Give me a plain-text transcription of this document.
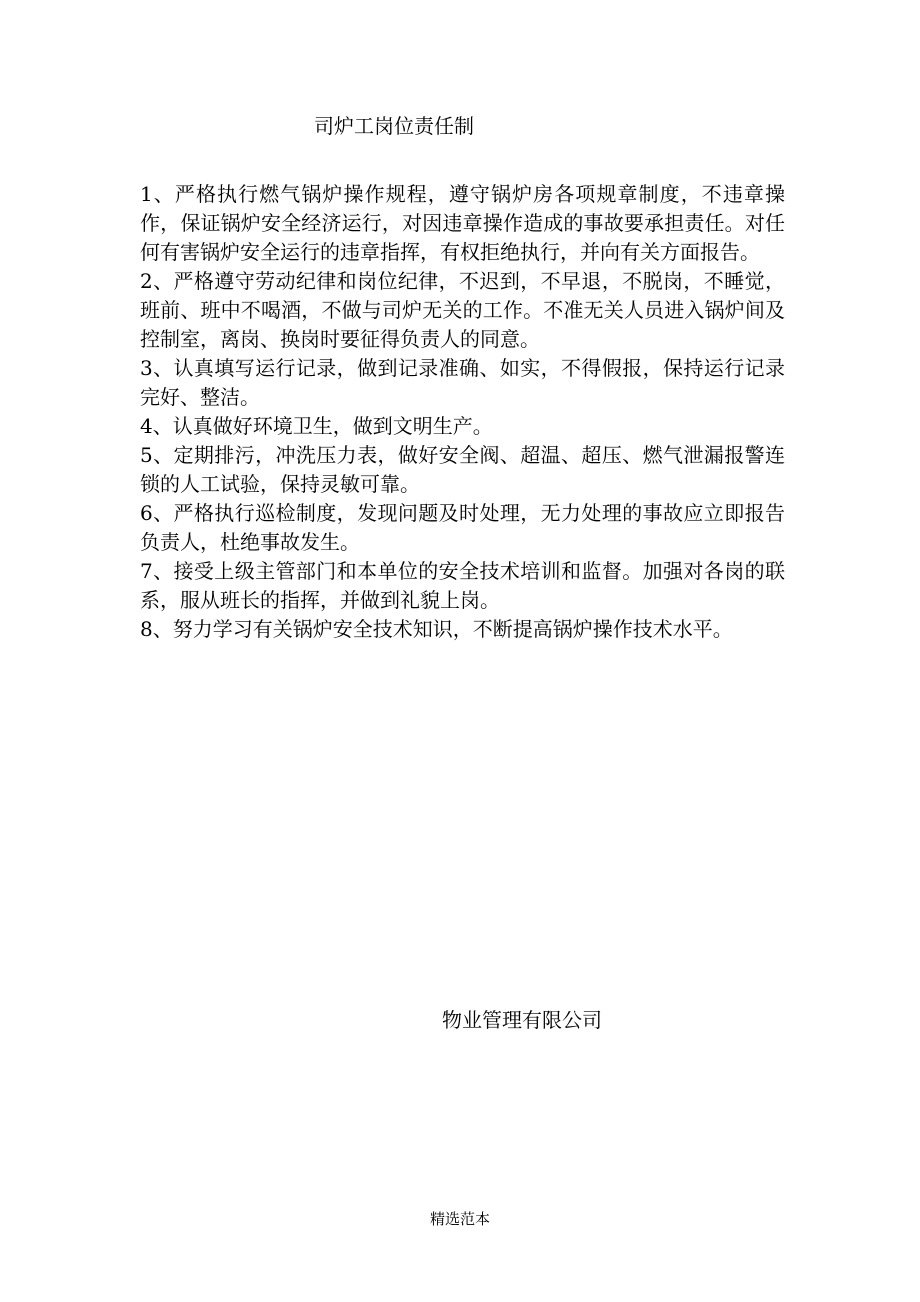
司炉工岗位责任制

1、严格执行燃气锅炉操作规程，遵守锅炉房各项规章制度，不违章操作，保证锅炉安全经济运行，对因违章操作造成的事故要承担责任。对任何有害锅炉安全运行的违章指挥，有权拒绝执行，并向有关方面报告。

2、严格遵守劳动纪律和岗位纪律，不迟到，不早退，不脱岗，不睡觉，班前、班中不喝酒，不做与司炉无关的工作。不准无关人员进入锅炉间及控制室，离岗、换岗时要征得负责人的同意。

3、认真填写运行记录，做到记录准确、如实，不得假报，保持运行记录完好、整洁。

4、认真做好环境卫生，做到文明生产。

5、定期排污，冲洗压力表，做好安全阀、超温、超压、燃气泄漏报警连锁的人工试验，保持灵敏可靠。

6、严格执行巡检制度，发现问题及时处理，无力处理的事故应立即报告负责人，杜绝事故发生。

7、接受上级主管部门和本单位的安全技术培训和监督。加强对各岗的联系，服从班长的指挥，并做到礼貌上岗。

8、努力学习有关锅炉安全技术知识，不断提高锅炉操作技术水平。

物业管理有限公司
精选范本
